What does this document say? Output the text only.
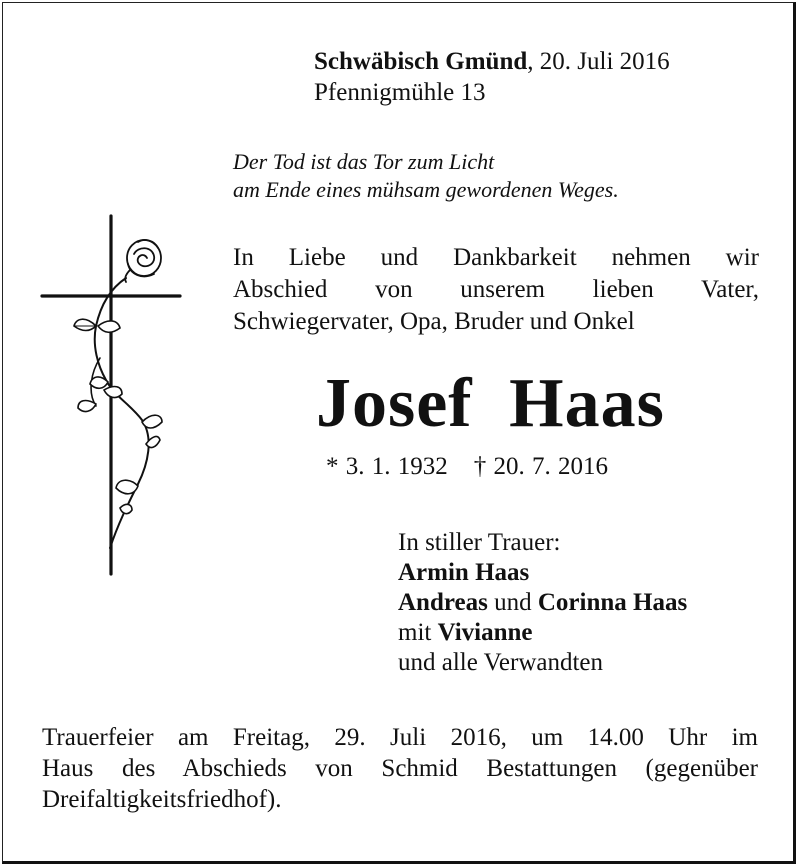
Schwäbisch Gmünd, 20. Juli 2016
Pfennigmühle 13
Der Tod ist das Tor zum Licht
am Ende eines mühsam gewordenen Weges.
In Liebe und Dankbarkeit nehmen wir
Abschied von unserem lieben Vater,
Schwiegervater, Opa, Bruder und Onkel
Josef Haas
* 3. 1. 1932 † 20. 7. 2016
In stiller Trauer:
Armin Haas
Andreas und Corinna Haas
mit Vivianne
und alle Verwandten
Trauerfeier am Freitag, 29. Juli 2016, um 14.00 Uhr im
Haus des Abschieds von Schmid Bestattungen (gegenüber
Dreifaltigkeitsfriedhof).
